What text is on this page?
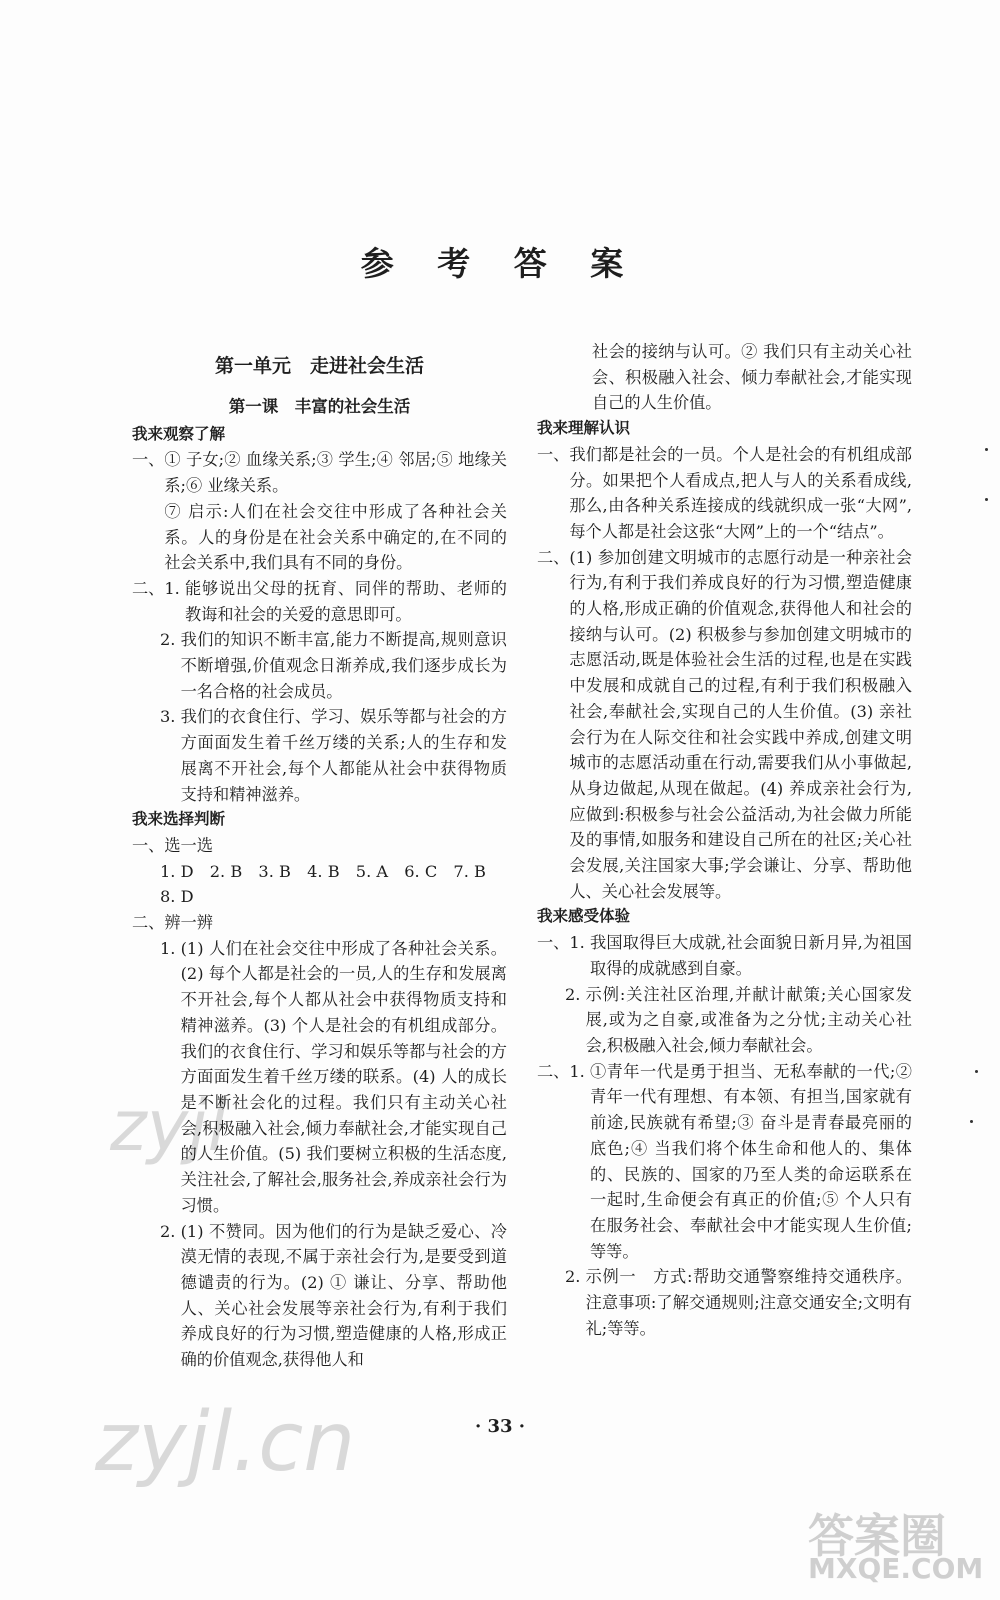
参 考 答 案
第一单元　走进社会生活
第一课　丰富的社会生活
我来观察了解
一、 ① 子女;② 血缘关系;③ 学生;④ 邻居;⑤ 地缘关系;⑥ 业缘关系。
⑦ 启示:人们在社会交往中形成了各种社会关系。人的身份是在社会关系中确定的,在不同的社会关系中,我们具有不同的身份。
二、1. 能够说出父母的抚育、同伴的帮助、老师的教诲和社会的关爱的意思即可。
2. 我们的知识不断丰富,能力不断提高,规则意识不断增强,价值观念日渐养成,我们逐步成长为一名合格的社会成员。
3. 我们的衣食住行、学习、娱乐等都与社会的方方面面发生着千丝万缕的关系;人的生存和发展离不开社会,每个人都能从社会中获得物质支持和精神滋养。
我来选择判断
一、选一选
1. D　2. B　3. B　4. B　5. A　6. C　7. B
8. D
二、辨一辨
1. (1) 人们在社会交往中形成了各种社会关系。(2) 每个人都是社会的一员,人的生存和发展离不开社会,每个人都从社会中获得物质支持和精神滋养。(3) 个人是社会的有机组成部分。我们的衣食住行、学习和娱乐等都与社会的方方面面发生着千丝万缕的联系。(4) 人的成长是不断社会化的过程。我们只有主动关心社会,积极融入社会,倾力奉献社会,才能实现自己的人生价值。(5) 我们要树立积极的生活态度,关注社会,了解社会,服务社会,养成亲社会行为习惯。
2. (1) 不赞同。因为他们的行为是缺乏爱心、冷漠无情的表现,不属于亲社会行为,是要受到道德谴责的行为。(2) ① 谦让、分享、帮助他人、关心社会发展等亲社会行为,有利于我们养成良好的行为习惯,塑造健康的人格,形成正确的价值观念,获得他人和
社会的接纳与认可。② 我们只有主动关心社会、积极融入社会、倾力奉献社会,才能实现自己的人生价值。
我来理解认识
一、 我们都是社会的一员。个人是社会的有机组成部分。如果把个人看成点,把人与人的关系看成线,那么,由各种关系连接成的线就织成一张“大网”,每个人都是社会这张“大网”上的一个“结点”。
二、 (1) 参加创建文明城市的志愿行动是一种亲社会行为,有利于我们养成良好的行为习惯,塑造健康的人格,形成正确的价值观念,获得他人和社会的接纳与认可。(2) 积极参与参加创建文明城市的志愿活动,既是体验社会生活的过程,也是在实践中发展和成就自己的过程,有利于我们积极融入社会,奉献社会,实现自己的人生价值。(3) 亲社会行为在人际交往和社会实践中养成,创建文明城市的志愿活动重在行动,需要我们从小事做起,从身边做起,从现在做起。(4) 养成亲社会行为,应做到:积极参与社会公益活动,为社会做力所能及的事情,如服务和建设自己所在的社区;关心社会发展,关注国家大事;学会谦让、分享、帮助他人、关心社会发展等。
我来感受体验
一、1. 我国取得巨大成就,社会面貌日新月异,为祖国取得的成就感到自豪。
2. 示例:关注社区治理,并献计献策;关心国家发展,或为之自豪,或准备为之分忧;主动关心社会,积极融入社会,倾力奉献社会。
二、1. ①青年一代是勇于担当、无私奉献的一代;② 青年一代有理想、有本领、有担当,国家就有前途,民族就有希望;③ 奋斗是青春最亮丽的底色;④ 当我们将个体生命和他人的、集体的、民族的、国家的乃至人类的命运联系在一起时,生命便会有真正的价值;⑤ 个人只有在服务社会、奉献社会中才能实现人生价值;等等。
2. 示例一　方式:帮助交通警察维持交通秩序。注意事项:了解交通规则;注意交通安全;文明有礼;等等。
· 33 ·
zyjl
zyjl.cn
答案圈
MXQE.COM
